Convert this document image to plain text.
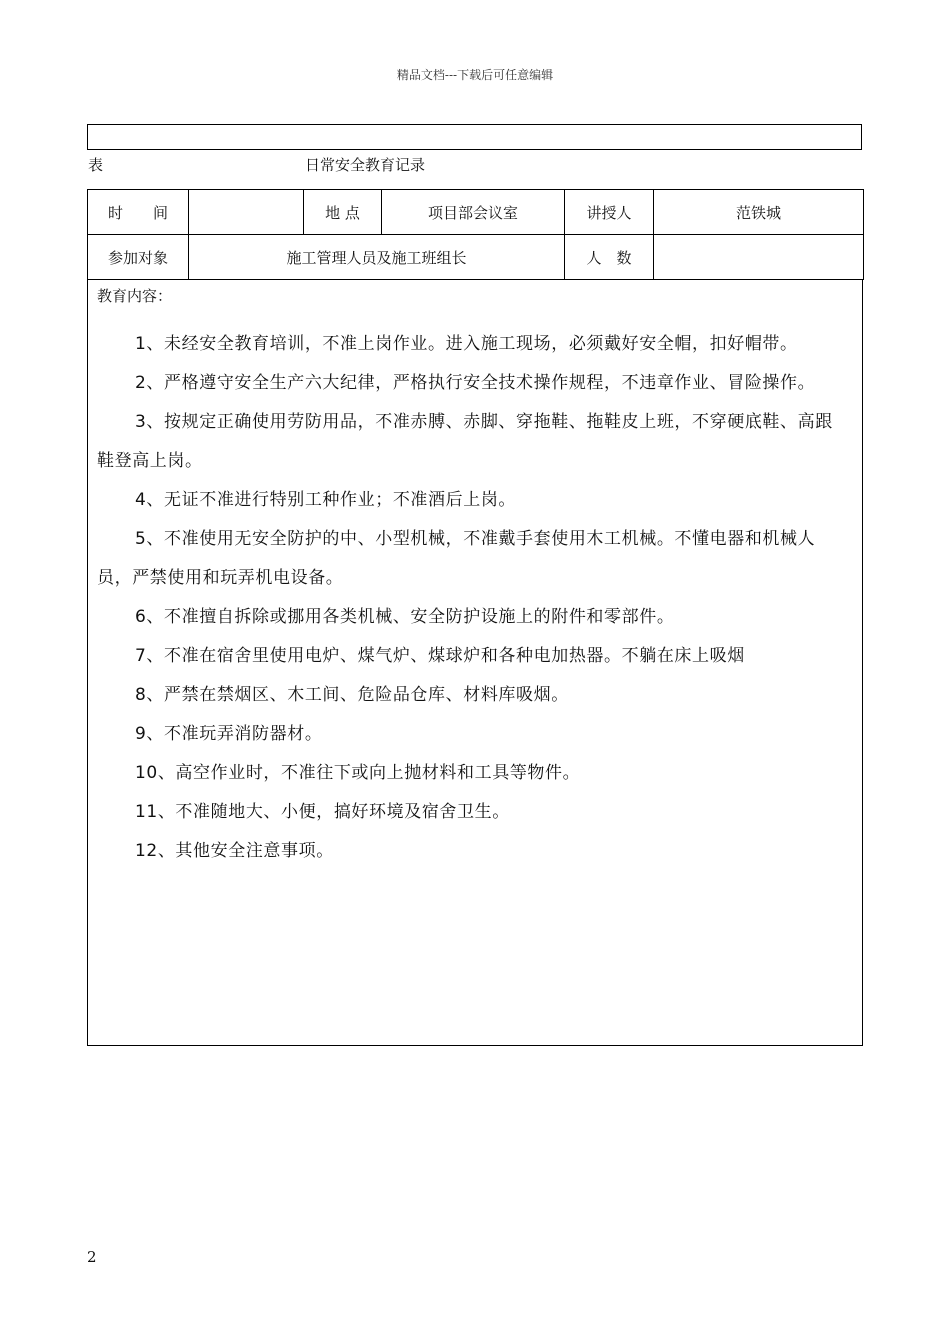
精品文档---下载后可任意编辑
表	日常安全教育记录
时　　间		地 点	项目部会议室	讲授人	范铁城
参加对象	施工管理人员及施工班组长			人　数	
教育内容：

1、未经安全教育培训，不准上岗作业。进入施工现场，必须戴好安全帽，扣好帽带。

2、严格遵守安全生产六大纪律，严格执行安全技术操作规程，不违章作业、冒险操作。

3、按规定正确使用劳防用品，不准赤膊、赤脚、穿拖鞋、拖鞋皮上班，不穿硬底鞋、高跟鞋登高上岗。

4、无证不准进行特别工种作业；不准酒后上岗。

5、不准使用无安全防护的中、小型机械，不准戴手套使用木工机械。不懂电器和机械人员，严禁使用和玩弄机电设备。

6、不准擅自拆除或挪用各类机械、安全防护设施上的附件和零部件。

7、不准在宿舍里使用电炉、煤气炉、煤球炉和各种电加热器。不躺在床上吸烟

8、严禁在禁烟区、木工间、危险品仓库、材料库吸烟。

9、不准玩弄消防器材。

10、高空作业时，不准往下或向上抛材料和工具等物件。

11、不准随地大、小便，搞好环境及宿舍卫生。

12、其他安全注意事项。

2
